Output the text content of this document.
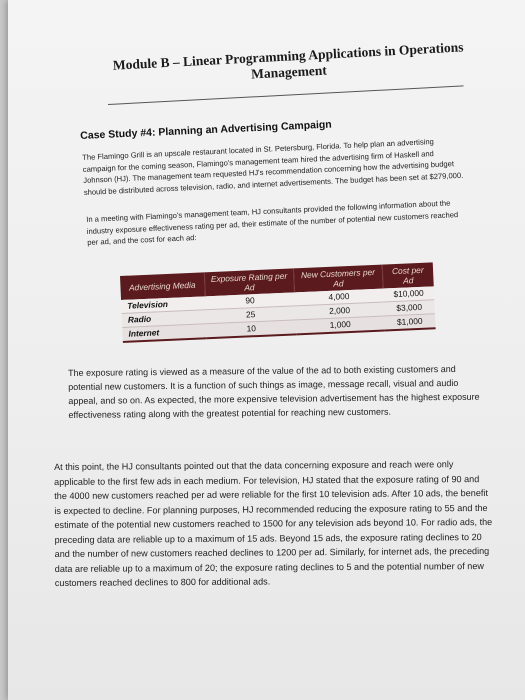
Module B – Linear Programming Applications in Operations Management
Case Study #4: Planning an Advertising Campaign

The Flamingo Grill is an upscale restaurant located in St. Petersburg, Florida. To help plan an advertising campaign for the coming season, Flamingo's management team hired the advertising firm of Haskell and Johnson (HJ). The management team requested HJ's recommendation concerning how the advertising budget should be distributed across television, radio, and internet advertisements. The budget has been set at $279,000.

In a meeting with Flamingo's management team, HJ consultants provided the following information about the industry exposure effectiveness rating per ad, their estimate of the number of potential new customers reached per ad, and the cost for each ad:

Advertising Media	Exposure Rating per Ad	New Customers per Ad	Cost per Ad
Television	90	4,000	$10,000
Radio	25	2,000	$3,000
Internet	10	1,000	$1,000

The exposure rating is viewed as a measure of the value of the ad to both existing customers and potential new customers. It is a function of such things as image, message recall, visual and audio appeal, and so on. As expected, the more expensive television advertisement has the highest exposure effectiveness rating along with the greatest potential for reaching new customers.

At this point, the HJ consultants pointed out that the data concerning exposure and reach were only applicable to the first few ads in each medium. For television, HJ stated that the exposure rating of 90 and the 4000 new customers reached per ad were reliable for the first 10 television ads. After 10 ads, the benefit is expected to decline. For planning purposes, HJ recommended reducing the exposure rating to 55 and the estimate of the potential new customers reached to 1500 for any television ads beyond 10. For radio ads, the preceding data are reliable up to a maximum of 15 ads. Beyond 15 ads, the exposure rating declines to 20 and the number of new customers reached declines to 1200 per ad. Similarly, for internet ads, the preceding data are reliable up to a maximum of 20; the exposure rating declines to 5 and the potential number of new customers reached declines to 800 for additional ads.
